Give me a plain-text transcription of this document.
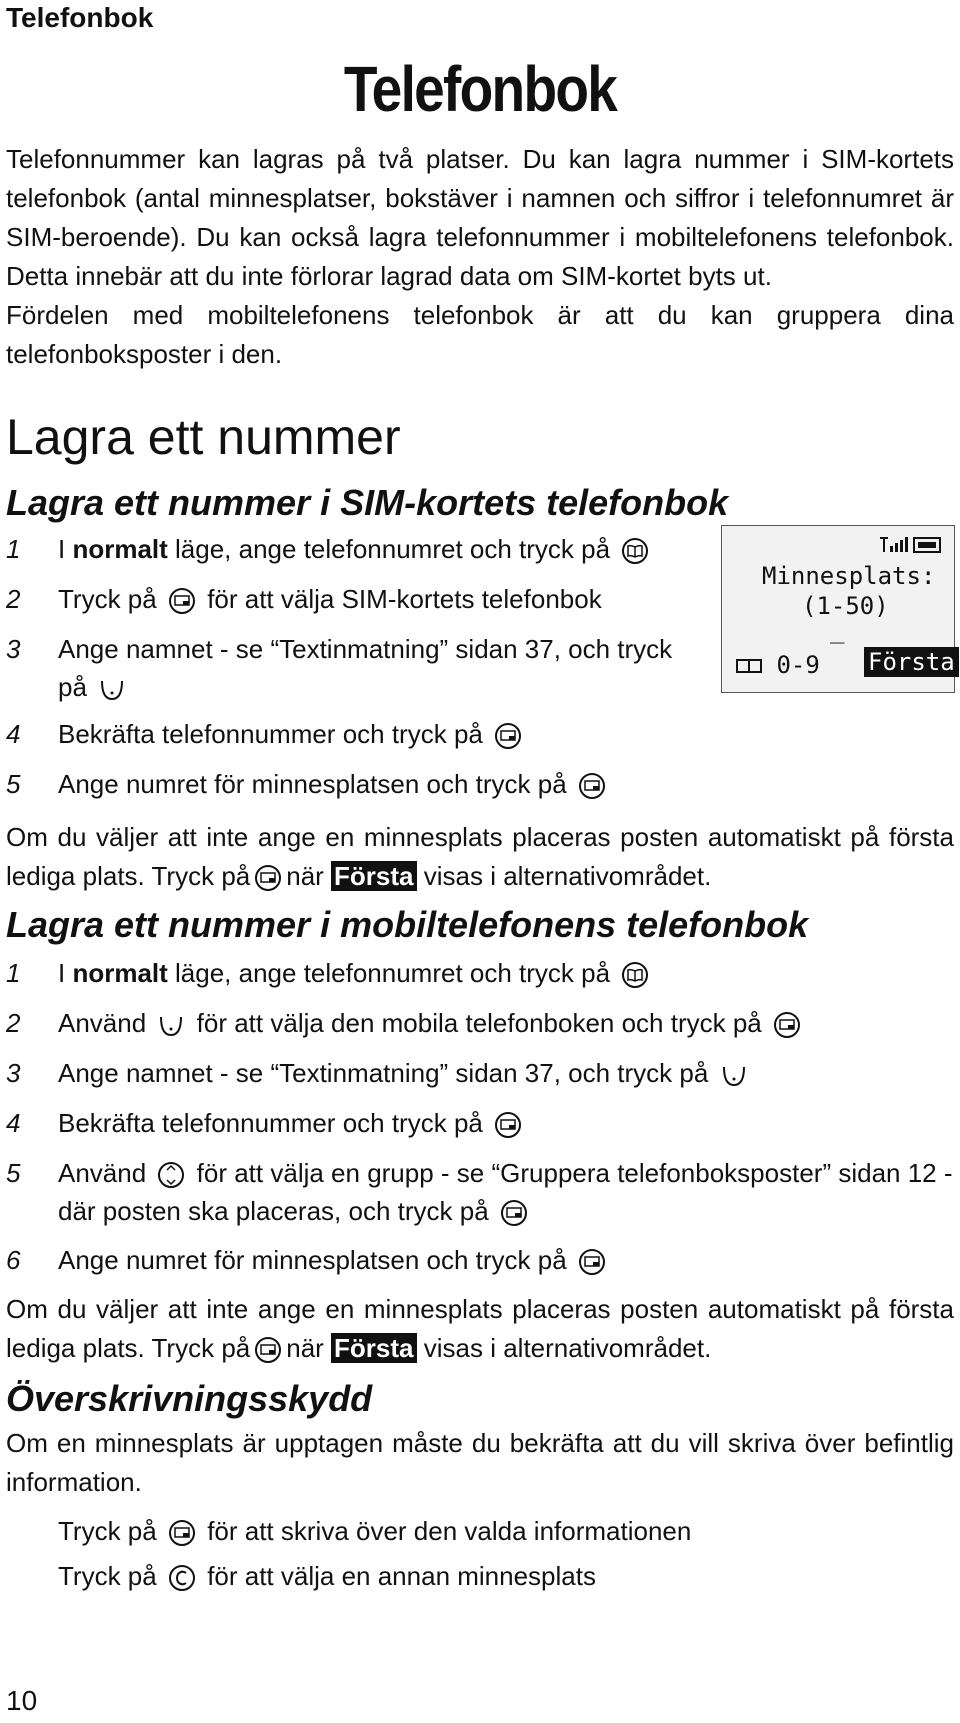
Telefonbok
Telefonbok
Telefonnummer kan lagras på två platser. Du kan lagra nummer i SIM-kortets
telefonbok (antal minnesplatser, bokstäver i namnen och siffror i telefonnumret är
SIM-beroende). Du kan också lagra telefonnummer i mobiltelefonens telefonbok.
Detta innebär att du inte förlorar lagrad data om SIM-kortet byts ut.
Fördelen med mobiltelefonens telefonbok är att du kan gruppera dina
telefonboksposter i den.
Lagra ett nummer
Lagra ett nummer i SIM-kortets telefonbok
1 I normalt läge, ange telefonnumret och tryck på
2 Tryck på för att välja SIM-kortets telefonbok
3 Ange namnet - se “Textinmatning” sidan 37, och tryck
på
4 Bekräfta telefonnummer och tryck på
5 Ange numret för minnesplatsen och tryck på
Minnesplats:
(1-50)
_
0-9 Första
Om du väljer att inte ange en minnesplats placeras posten automatiskt på första
lediga plats. Tryck på när Första visas i alternativområdet.
Lagra ett nummer i mobiltelefonens telefonbok
1 I normalt läge, ange telefonnumret och tryck på
2 Använd för att välja den mobila telefonboken och tryck på
3 Ange namnet - se “Textinmatning” sidan 37, och tryck på
4 Bekräfta telefonnummer och tryck på
5 Använd för att välja en grupp - se “Gruppera telefonboksposter” sidan 12 -
där posten ska placeras, och tryck på
6 Ange numret för minnesplatsen och tryck på
Om du väljer att inte ange en minnesplats placeras posten automatiskt på första
lediga plats. Tryck på när Första visas i alternativområdet.
Överskrivningsskydd
Om en minnesplats är upptagen måste du bekräfta att du vill skriva över befintlig
information.
Tryck på för att skriva över den valda informationen
Tryck på för att välja en annan minnesplats
10
